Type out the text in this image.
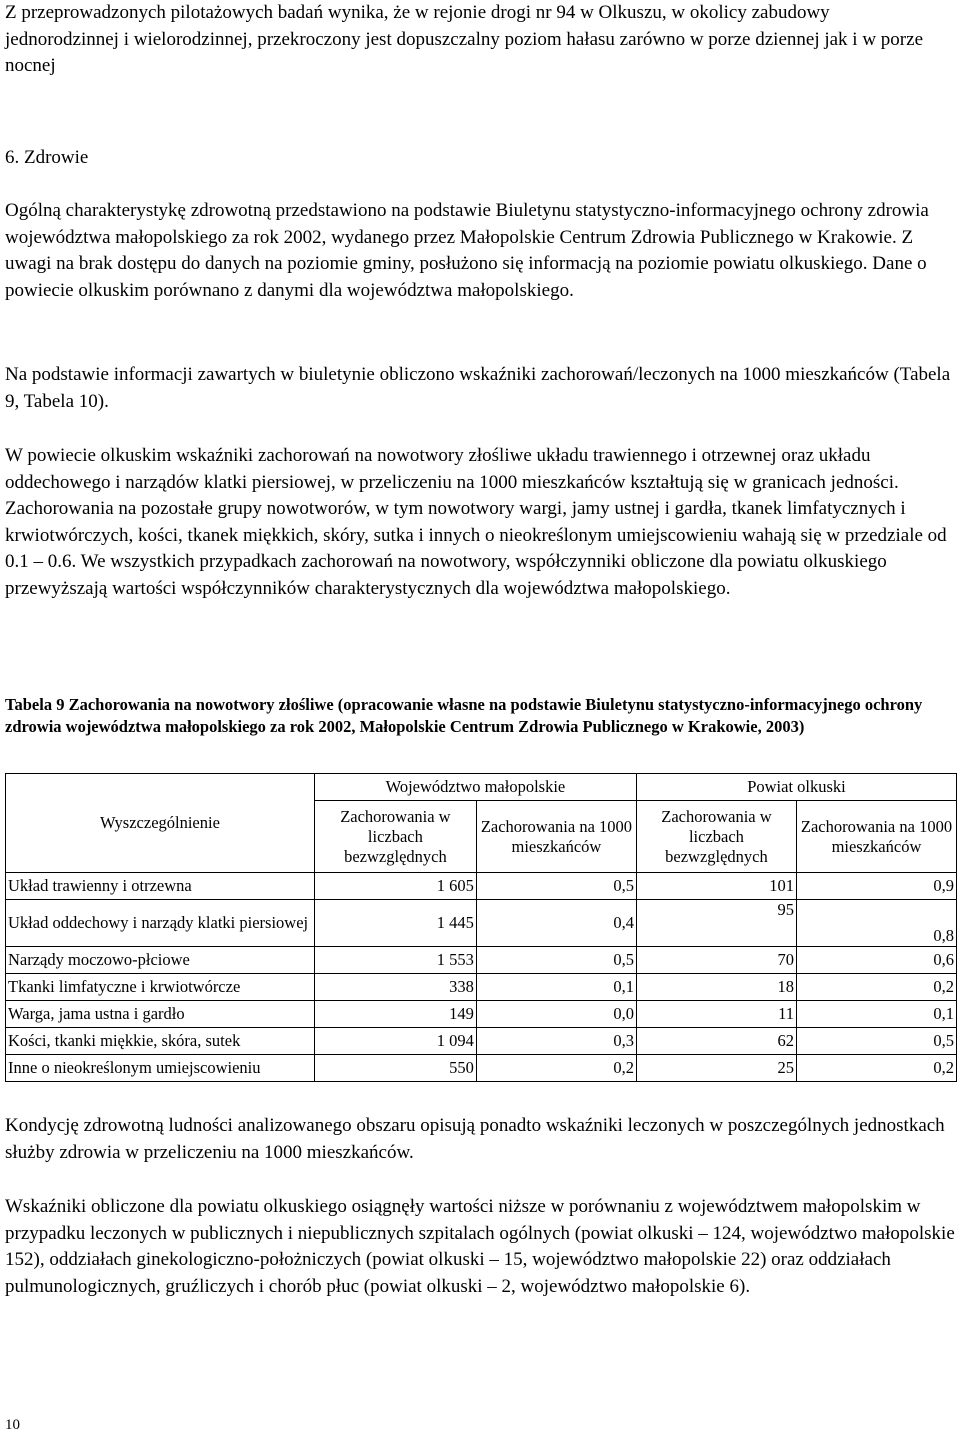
Z przeprowadzonych pilotażowych badań wynika, że w rejonie drogi nr 94 w Olkuszu, w okolicy zabudowy jednorodzinnej i wielorodzinnej, przekroczony jest dopuszczalny poziom hałasu zarówno w porze dziennej jak i w porze nocnej

6. Zdrowie

Ogólną charakterystykę zdrowotną przedstawiono na podstawie Biuletynu statystyczno-informacyjnego ochrony zdrowia województwa małopolskiego za rok 2002, wydanego przez Małopolskie Centrum Zdrowia Publicznego w Krakowie. Z uwagi na brak dostępu do danych na poziomie gminy, posłużono się informacją na poziomie powiatu olkuskiego. Dane o powiecie olkuskim porównano z danymi dla województwa małopolskiego.

Na podstawie informacji zawartych w biuletynie obliczono wskaźniki zachorowań/leczonych na 1000 mieszkańców (Tabela 9, Tabela 10).

W powiecie olkuskim wskaźniki zachorowań na nowotwory złośliwe układu trawiennego i otrzewnej oraz układu oddechowego i narządów klatki piersiowej, w przeliczeniu na 1000 mieszkańców kształtują się w granicach jedności. Zachorowania na pozostałe grupy nowotworów, w tym nowotwory wargi, jamy ustnej i gardła, tkanek limfatycznych i krwiotwórczych, kości, tkanek miękkich, skóry, sutka i innych o nieokreślonym umiejscowieniu wahają się w przedziale od 0.1 – 0.6. We wszystkich przypadkach zachorowań na nowotwory, współczynniki obliczone dla powiatu olkuskiego przewyższają wartości współczynników charakterystycznych dla województwa małopolskiego.

Tabela 9 Zachorowania na nowotwory złośliwe (opracowanie własne na podstawie Biuletynu statystyczno-informacyjnego ochrony zdrowia województwa małopolskiego za rok 2002, Małopolskie Centrum Zdrowia Publicznego w Krakowie, 2003)

Wyszczególnienie	Województwo małopolskie		Powiat olkuski	
	Zachorowania w liczbach bezwzględnych	Zachorowania na 1000 mieszkańców	Zachorowania w liczbach bezwzględnych	Zachorowania na 1000 mieszkańców
Układ trawienny i otrzewna	1 605	0,5	101	0,9
Układ oddechowy i narządy klatki piersiowej	1 445	0,4	95	0,8
Narządy moczowo-płciowe	1 553	0,5	70	0,6
Tkanki limfatyczne i krwiotwórcze	338	0,1	18	0,2
Warga, jama ustna i gardło	149	0,0	11	0,1
Kości, tkanki miękkie, skóra, sutek	1 094	0,3	62	0,5
Inne o nieokreślonym umiejscowieniu	550	0,2	25	0,2

Kondycję zdrowotną ludności analizowanego obszaru opisują ponadto wskaźniki leczonych w poszczególnych jednostkach służby zdrowia w przeliczeniu na 1000 mieszkańców.

Wskaźniki obliczone dla powiatu olkuskiego osiągnęły wartości niższe w porównaniu z województwem małopolskim w przypadku leczonych w publicznych i niepublicznych szpitalach ogólnych (powiat olkuski – 124, województwo małopolskie 152), oddziałach ginekologiczno-położniczych (powiat olkuski – 15, województwo małopolskie 22) oraz oddziałach pulmunologicznych, gruźliczych i chorób płuc (powiat olkuski – 2, województwo małopolskie 6).

10
